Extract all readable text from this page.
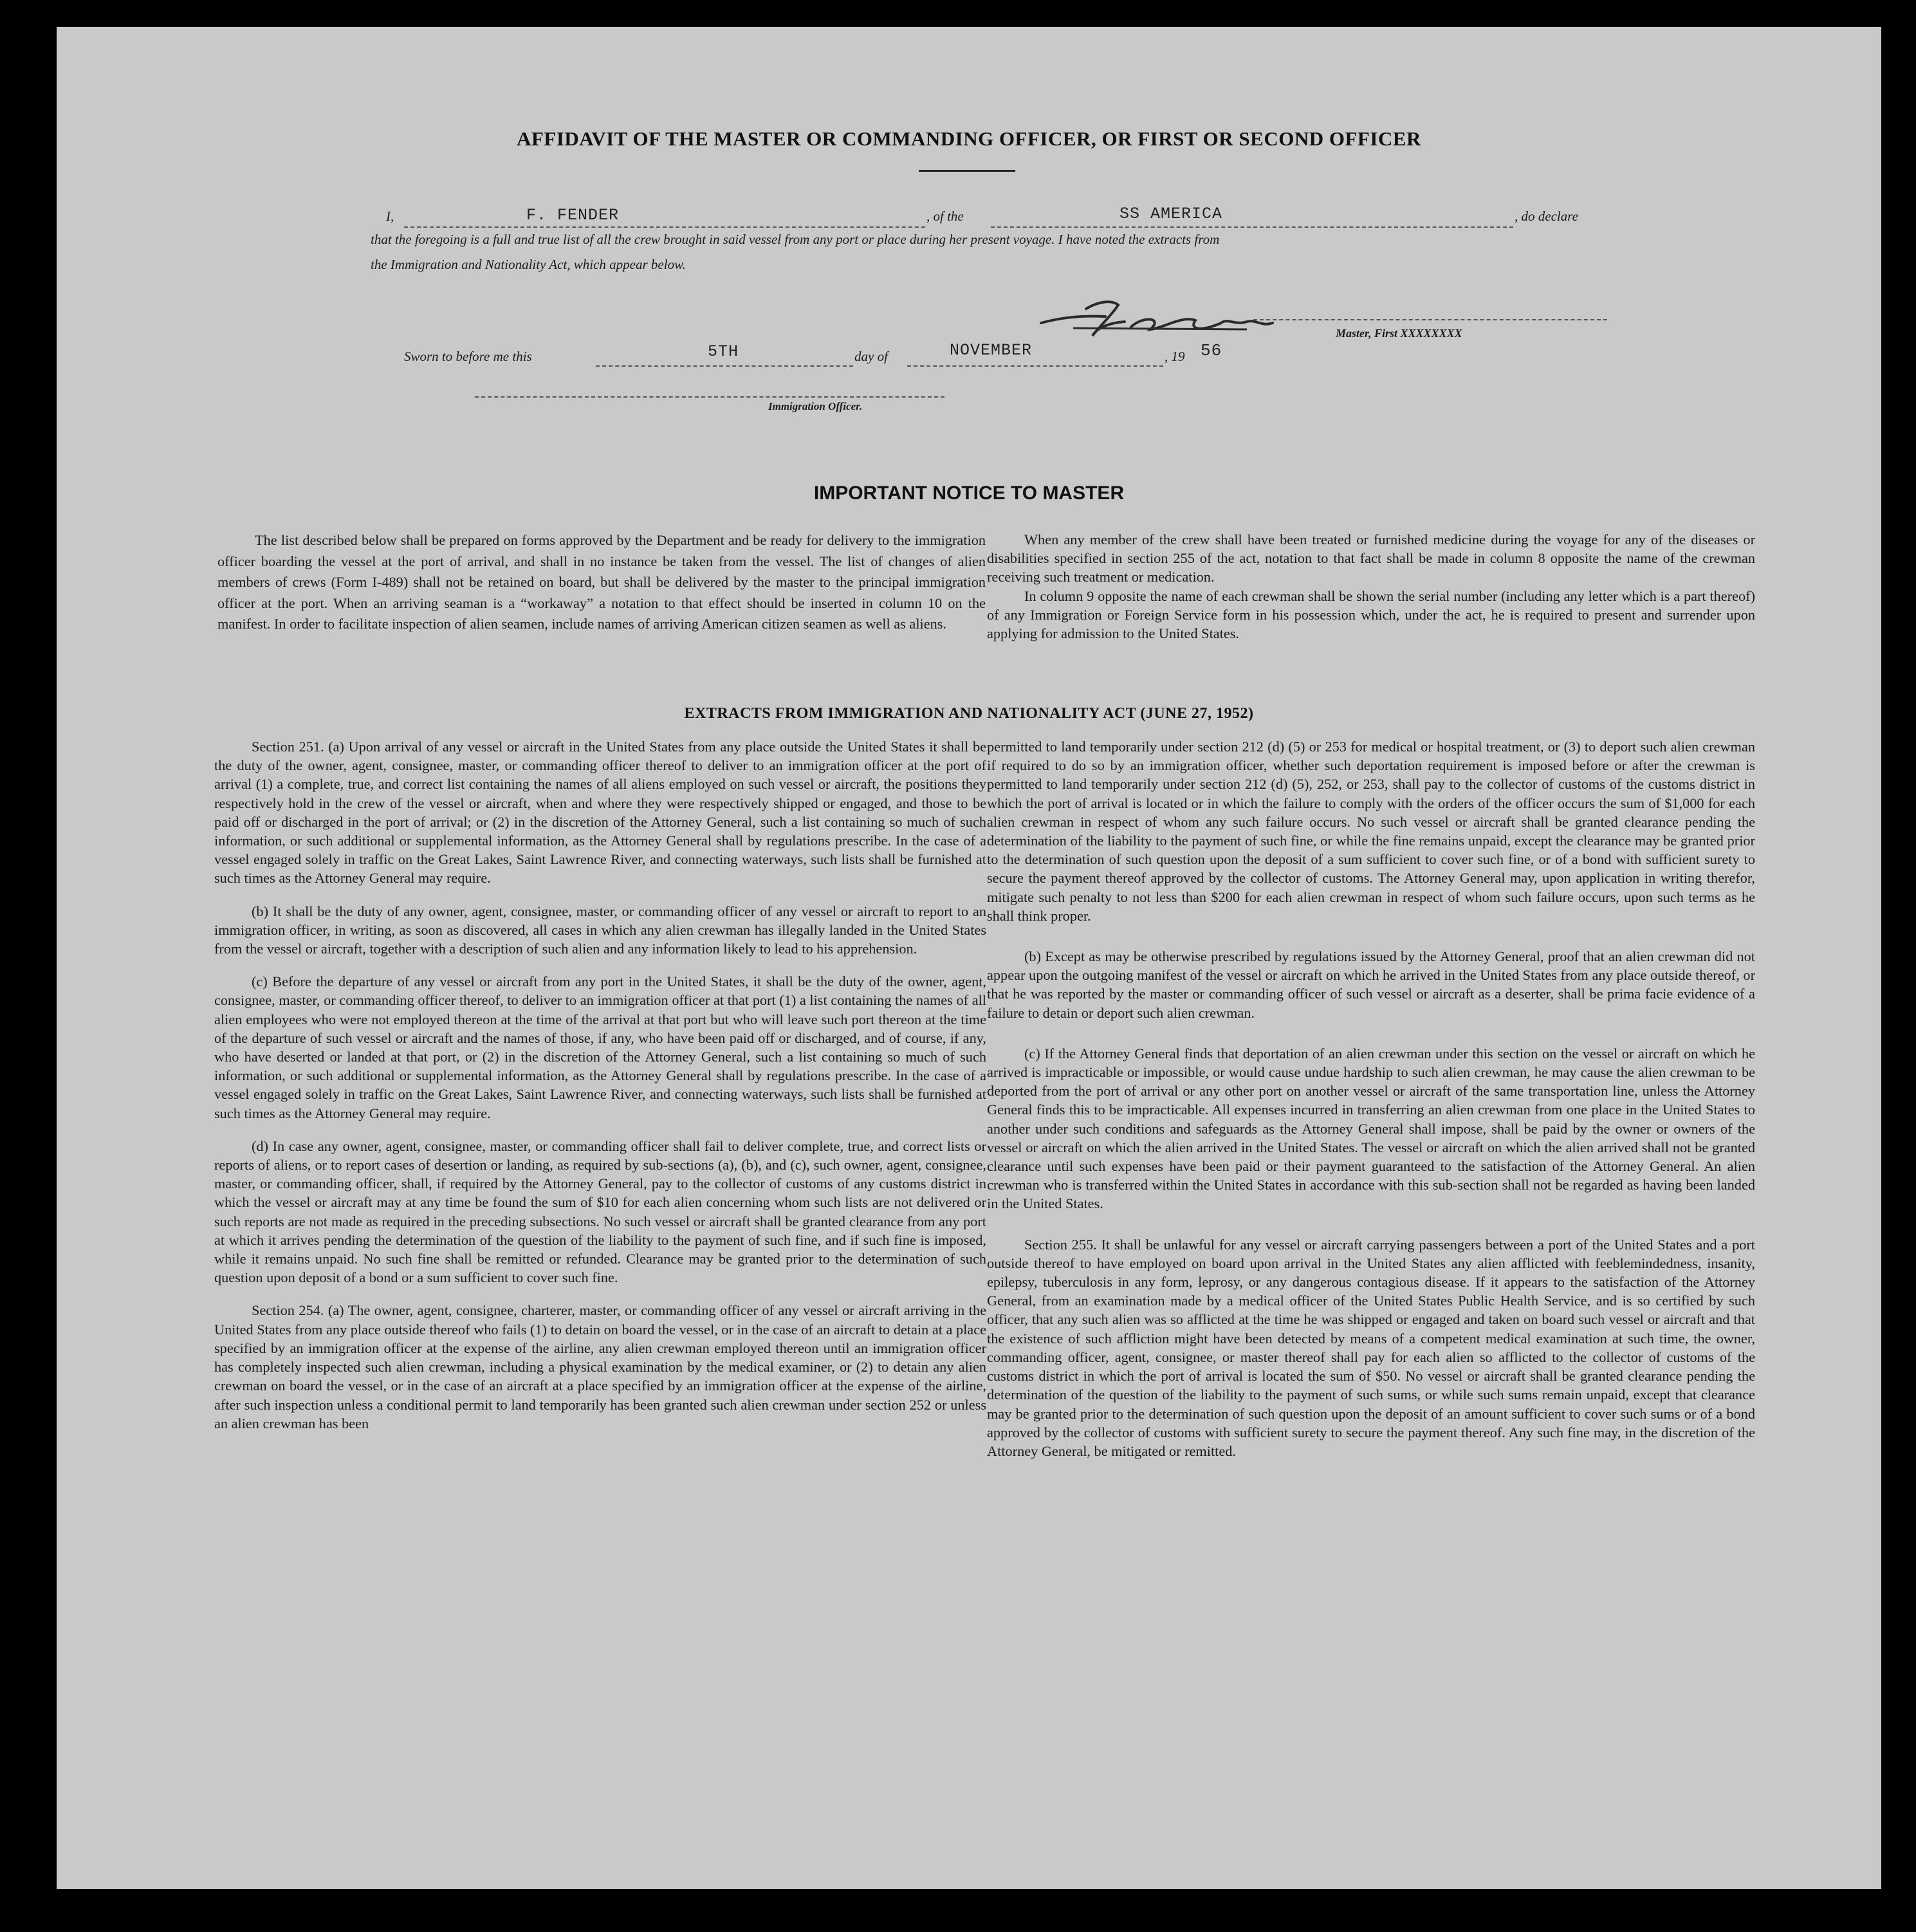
AFFIDAVIT OF THE MASTER OR COMMANDING OFFICER, OR FIRST OR SECOND OFFICER
I,	F. FENDER	, of the	SS AMERICA	, do declare
that the foregoing is a full and true list of all the crew brought in said vessel from any port or place during her present voyage. I have noted the extracts from
the Immigration and Nationality Act, which appear below.
Master, First XXXXXXXX
Sworn to before me this	5TH	day of	NOVEMBER	, 19 56
Immigration Officer.
IMPORTANT NOTICE TO MASTER

The list described below shall be prepared on forms approved by the Department and be ready for delivery to the immigration officer boarding the vessel at the port of arrival, and shall in no instance be taken from the vessel. The list of changes of alien members of crews (Form I-489) shall not be retained on board, but shall be delivered by the master to the principal immigration officer at the port. When an arriving seaman is a “workaway” a notation to that effect should be inserted in column 10 on the manifest. In order to facilitate inspection of alien seamen, include names of arriving American citizen seamen as well as aliens.

When any member of the crew shall have been treated or furnished medicine during the voyage for any of the diseases or disabilities specified in section 255 of the act, notation to that fact shall be made in column 8 opposite the name of the crewman receiving such treatment or medication.

In column 9 opposite the name of each crewman shall be shown the serial number (including any letter which is a part thereof) of any Immigration or Foreign Service form in his possession which, under the act, he is required to present and surrender upon applying for admission to the United States.

EXTRACTS FROM IMMIGRATION AND NATIONALITY ACT (JUNE 27, 1952)

Section 251. (a) Upon arrival of any vessel or aircraft in the United States from any place outside the United States it shall be the duty of the owner, agent, consignee, master, or commanding officer thereof to deliver to an immigration officer at the port of arrival (1) a complete, true, and correct list containing the names of all aliens employed on such vessel or aircraft, the positions they respectively hold in the crew of the vessel or aircraft, when and where they were respectively shipped or engaged, and those to be paid off or discharged in the port of arrival; or (2) in the discretion of the Attorney General, such a list containing so much of such information, or such additional or supplemental information, as the Attorney General shall by regulations prescribe. In the case of a vessel engaged solely in traffic on the Great Lakes, Saint Lawrence River, and connecting waterways, such lists shall be furnished at such times as the Attorney General may require.

(b) It shall be the duty of any owner, agent, consignee, master, or commanding officer of any vessel or aircraft to report to an immigration officer, in writing, as soon as discovered, all cases in which any alien crewman has illegally landed in the United States from the vessel or aircraft, together with a description of such alien and any information likely to lead to his apprehension.

(c) Before the departure of any vessel or aircraft from any port in the United States, it shall be the duty of the owner, agent, consignee, master, or commanding officer thereof, to deliver to an immigration officer at that port (1) a list containing the names of all alien employees who were not employed thereon at the time of the arrival at that port but who will leave such port thereon at the time of the departure of such vessel or aircraft and the names of those, if any, who have been paid off or discharged, and of course, if any, who have deserted or landed at that port, or (2) in the discretion of the Attorney General, such a list containing so much of such information, or such additional or supplemental information, as the Attorney General shall by regulations prescribe. In the case of a vessel engaged solely in traffic on the Great Lakes, Saint Lawrence River, and connecting waterways, such lists shall be furnished at such times as the Attorney General may require.

(d) In case any owner, agent, consignee, master, or commanding officer shall fail to deliver complete, true, and correct lists or reports of aliens, or to report cases of desertion or landing, as required by sub-sections (a), (b), and (c), such owner, agent, consignee, master, or commanding officer, shall, if required by the Attorney General, pay to the collector of customs of any customs district in which the vessel or aircraft may at any time be found the sum of $10 for each alien concerning whom such lists are not delivered or such reports are not made as required in the preceding subsections. No such vessel or aircraft shall be granted clearance from any port at which it arrives pending the determination of the question of the liability to the payment of such fine, and if such fine is imposed, while it remains unpaid. No such fine shall be remitted or refunded. Clearance may be granted prior to the determination of such question upon deposit of a bond or a sum sufficient to cover such fine.

Section 254. (a) The owner, agent, consignee, charterer, master, or commanding officer of any vessel or aircraft arriving in the United States from any place outside thereof who fails (1) to detain on board the vessel, or in the case of an aircraft to detain at a place specified by an immigration officer at the expense of the airline, any alien crewman employed thereon until an immigration officer has completely inspected such alien crewman, including a physical examination by the medical examiner, or (2) to detain any alien crewman on board the vessel, or in the case of an aircraft at a place specified by an immigration officer at the expense of the airline, after such inspection unless a conditional permit to land temporarily has been granted such alien crewman under section 252 or unless an alien crewman has been

permitted to land temporarily under section 212 (d) (5) or 253 for medical or hospital treatment, or (3) to deport such alien crewman if required to do so by an immigration officer, whether such deportation requirement is imposed before or after the crewman is permitted to land temporarily under section 212 (d) (5), 252, or 253, shall pay to the collector of customs of the customs district in which the port of arrival is located or in which the failure to comply with the orders of the officer occurs the sum of $1,000 for each alien crewman in respect of whom any such failure occurs. No such vessel or aircraft shall be granted clearance pending the determination of the liability to the payment of such fine, or while the fine remains unpaid, except the clearance may be granted prior to the determination of such question upon the deposit of a sum sufficient to cover such fine, or of a bond with sufficient surety to secure the payment thereof approved by the collector of customs. The Attorney General may, upon application in writing therefor, mitigate such penalty to not less than $200 for each alien crewman in respect of whom such failure occurs, upon such terms as he shall think proper.

(b) Except as may be otherwise prescribed by regulations issued by the Attorney General, proof that an alien crewman did not appear upon the outgoing manifest of the vessel or aircraft on which he arrived in the United States from any place outside thereof, or that he was reported by the master or commanding officer of such vessel or aircraft as a deserter, shall be prima facie evidence of a failure to detain or deport such alien crewman.

(c) If the Attorney General finds that deportation of an alien crewman under this section on the vessel or aircraft on which he arrived is impracticable or impossible, or would cause undue hardship to such alien crewman, he may cause the alien crewman to be deported from the port of arrival or any other port on another vessel or aircraft of the same transportation line, unless the Attorney General finds this to be impracticable. All expenses incurred in transferring an alien crewman from one place in the United States to another under such conditions and safeguards as the Attorney General shall impose, shall be paid by the owner or owners of the vessel or aircraft on which the alien arrived in the United States. The vessel or aircraft on which the alien arrived shall not be granted clearance until such expenses have been paid or their payment guaranteed to the satisfaction of the Attorney General. An alien crewman who is transferred within the United States in accordance with this sub-section shall not be regarded as having been landed in the United States.

Section 255. It shall be unlawful for any vessel or aircraft carrying passengers between a port of the United States and a port outside thereof to have employed on board upon arrival in the United States any alien afflicted with feeblemindedness, insanity, epilepsy, tuberculosis in any form, leprosy, or any dangerous contagious disease. If it appears to the satisfaction of the Attorney General, from an examination made by a medical officer of the United States Public Health Service, and is so certified by such officer, that any such alien was so afflicted at the time he was shipped or engaged and taken on board such vessel or aircraft and that the existence of such affliction might have been detected by means of a competent medical examination at such time, the owner, commanding officer, agent, consignee, or master thereof shall pay for each alien so afflicted to the collector of customs of the customs district in which the port of arrival is located the sum of $50. No vessel or aircraft shall be granted clearance pending the determination of the question of the liability to the payment of such sums, or while such sums remain unpaid, except that clearance may be granted prior to the determination of such question upon the deposit of an amount sufficient to cover such sums or of a bond approved by the collector of customs with sufficient surety to secure the payment thereof. Any such fine may, in the discretion of the Attorney General, be mitigated or remitted.
